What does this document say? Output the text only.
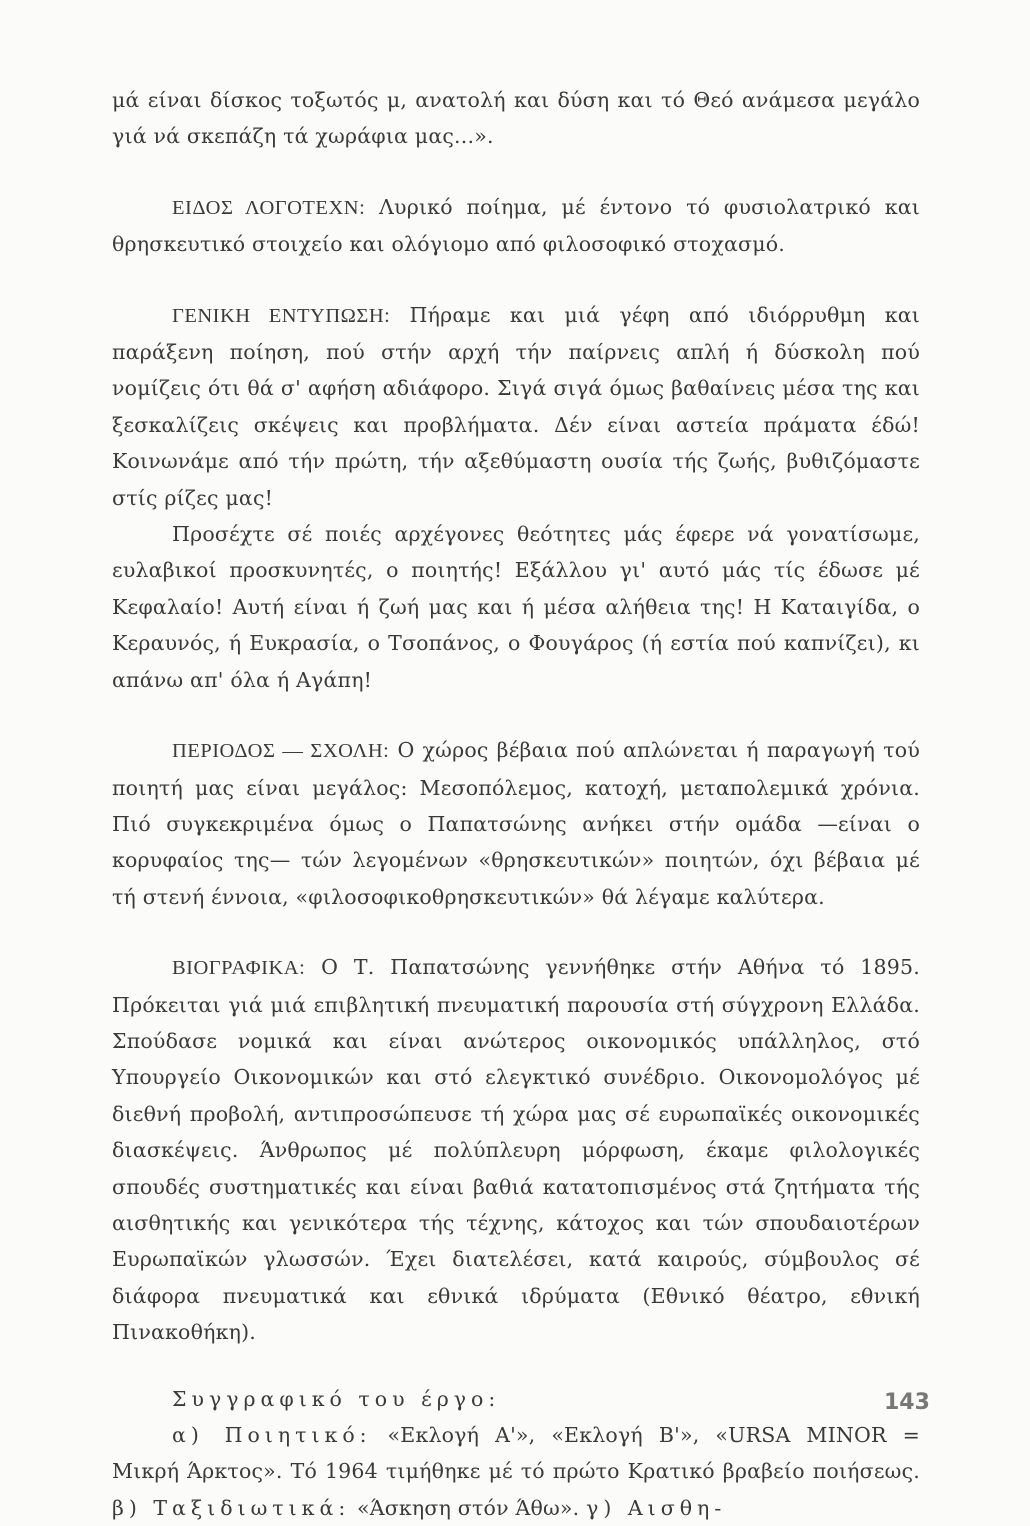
μά είναι δίσκος τοξωτός μ, ανατολή και δύση και τό Θεό ανάμεσα μεγάλο γιά νά σκεπάζη τά χωράφια μας...».

ΕΙΔΟΣ ΛΟΓΟΤΕΧΝ: Λυρικό ποίημα, μέ έντονο τό φυσιολατρικό και θρησκευτικό στοιχείο και ολόγιομο από φιλοσοφικό στοχασμό.

ΓΕΝΙΚΗ ΕΝΤΥΠΩΣΗ: Πήραμε και μιά γέφη από ιδιόρρυθμη και παράξενη ποίηση, πού στήν αρχή τήν παίρνεις απλή ή δύσκολη πού νομίζεις ότι θά σ' αφήση αδιάφορο. Σιγά σιγά όμως βαθαίνεις μέσα της και ξεσκαλίζεις σκέψεις και προβλήματα. Δέν είναι αστεία πράματα έδώ! Κοινωνάμε από τήν πρώτη, τήν αξεθύμαστη ουσία τής ζωής, βυθιζόμαστε στίς ρίζες μας!

Προσέχτε σέ ποιές αρχέγονες θεότητες μάς έφερε νά γονατίσωμε, ευλαβικοί προσκυνητές, ο ποιητής! Εξάλλου γι' αυτό μάς τίς έδωσε μέ Κεφαλαίο! Αυτή είναι ή ζωή μας και ή μέσα αλήθεια της! Η Καταιγίδα, ο Κεραυνός, ή Ευκρασία, ο Τσοπάνος, ο Φουγάρος (ή εστία πού καπνίζει), κι απάνω απ' όλα ή Αγάπη!

ΠΕΡΙΟΔΟΣ — ΣΧΟΛΗ: Ο χώρος βέβαια πού απλώνεται ή παραγωγή τού ποιητή μας είναι μεγάλος: Μεσοπόλεμος, κατοχή, μεταπολεμικά χρόνια. Πιό συγκεκριμένα όμως ο Παπατσώνης ανήκει στήν ομάδα —είναι ο κορυφαίος της— τών λεγομένων «θρησκευτικών» ποιητών, όχι βέβαια μέ τή στενή έννοια, «φιλοσοφικοθρησκευτικών» θά λέγαμε καλύτερα.

ΒΙΟΓΡΑΦΙΚΑ: Ο Τ. Παπατσώνης γεννήθηκε στήν Αθήνα τό 1895. Πρόκειται γιά μιά επιβλητική πνευματική παρουσία στή σύγχρονη Ελλάδα. Σπούδασε νομικά και είναι ανώτερος οικονομικός υπάλληλος, στό Υπουργείο Οικονομικών και στό ελεγκτικό συνέδριο. Οικονομολόγος μέ διεθνή προβολή, αντιπροσώπευσε τή χώρα μας σέ ευρωπαϊκές οικονομικές διασκέψεις. Άνθρωπος μέ πολύπλευρη μόρφωση, έκαμε φιλολογικές σπουδές συστηματικές και είναι βαθιά κατατοπισμένος στά ζητήματα τής αισθητικής και γενικότερα τής τέχνης, κάτοχος και τών σπουδαιοτέρων Ευρωπαϊκών γλωσσών. Έχει διατελέσει, κατά καιρούς, σύμβουλος σέ διάφορα πνευματικά και εθνικά ιδρύματα (Εθνικό θέατρο, εθνική Πινακοθήκη).

Συγγραφικό του έργο:

α) Ποιητικό: «Εκλογή Α'», «Εκλογή Β'», «URSA MINOR = Μικρή Άρκτος». Τό 1964 τιμήθηκε μέ τό πρώτο Κρατικό βραβείο ποιήσεως. β) Ταξιδιωτικά: «Άσκηση στόν Άθω». γ) Αισθη-

143
